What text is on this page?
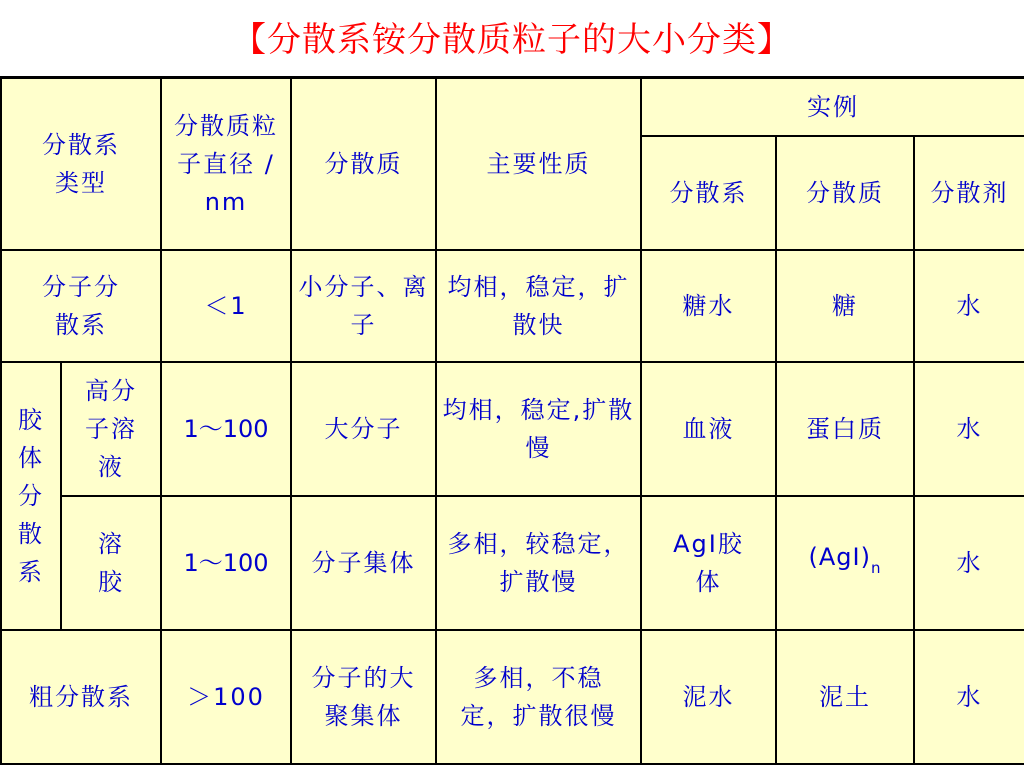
【分散系铵分散质粒子的大小分类】
分散系类型		分散质粒子直径 / nm	分散质	主要性质	实例		
					分散系	分散质	分散剂
分子分散系		＜1	小分子、离子	均相，稳定，扩散快	糖水	糖	水
胶体分散系	高分子溶液	1～100	大分子	均相，稳定,扩散慢	血液	蛋白质	水
	溶胶	1～100	分子集体	多相，较稳定，扩散慢	AgI胶体	$(AgI)_n$	水
粗分散系		＞100	分子的大聚集体	多相，不稳定，扩散很慢	泥水	泥土	水
